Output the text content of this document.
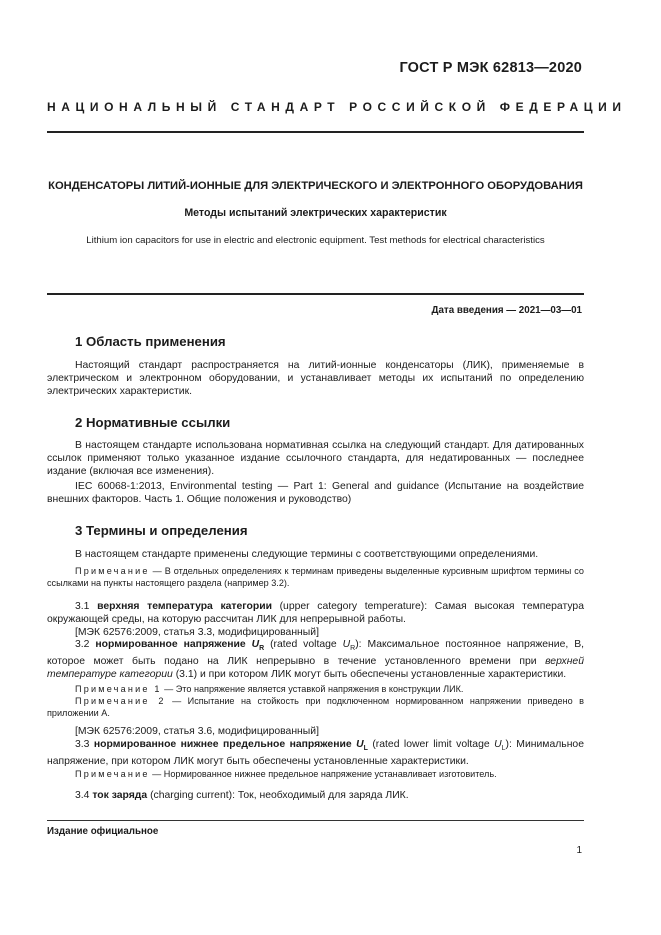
ГОСТ Р МЭК 62813—2020
НАЦИОНАЛЬНЫЙ СТАНДАРТ РОССИЙСКОЙ ФЕДЕРАЦИИ
КОНДЕНСАТОРЫ ЛИТИЙ-ИОННЫЕ ДЛЯ ЭЛЕКТРИЧЕСКОГО И ЭЛЕКТРОННОГО ОБОРУДОВАНИЯ
Методы испытаний электрических характеристик
Lithium ion capacitors for use in electric and electronic equipment. Test methods for electrical characteristics
Дата введения — 2021—03—01
1 Область применения

Настоящий стандарт распространяется на литий-ионные конденсаторы (ЛИК), применяемые в электрическом и электронном оборудовании, и устанавливает методы их испытаний по определению электрических характеристик.

2 Нормативные ссылки

В настоящем стандарте использована нормативная ссылка на следующий стандарт. Для датированных ссылок применяют только указанное издание ссылочного стандарта, для недатированных — последнее издание (включая все изменения).

IEC 60068-1:2013, Environmental testing — Part 1: General and guidance (Испытание на воздействие внешних факторов. Часть 1. Общие положения и руководство)

3 Термины и определения

В настоящем стандарте применены следующие термины с соответствующими определениями.

Примечание — В отдельных определениях к терминам приведены выделенные курсивным шрифтом термины со ссылками на пункты настоящего раздела (например 3.2).

3.1 верхняя температура категории (upper category temperature): Самая высокая температура окружающей среды, на которую рассчитан ЛИК для непрерывной работы.

[МЭК 62576:2009, статья 3.3, модифицированный]

3.2 нормированное напряжение $U_R$ (rated voltage $U_R$): Максимальное постоянное напряжение, В, которое может быть подано на ЛИК непрерывно в течение установленного времени при верхней температуре категории (3.1) и при котором ЛИК могут быть обеспечены установленные характеристики.

Примечание 1 — Это напряжение является уставкой напряжения в конструкции ЛИК.

Примечание 2 — Испытание на стойкость при подключенном нормированном напряжении приведено в приложении А.

[МЭК 62576:2009, статья 3.6, модифицированный]

3.3 нормированное нижнее предельное напряжение $U_L$ (rated lower limit voltage $U_L$): Минимальное напряжение, при котором ЛИК могут быть обеспечены установленные характеристики.

Примечание — Нормированное нижнее предельное напряжение устанавливает изготовитель.

3.4 ток заряда (charging current): Ток, необходимый для заряда ЛИК.

Издание официальное
1
